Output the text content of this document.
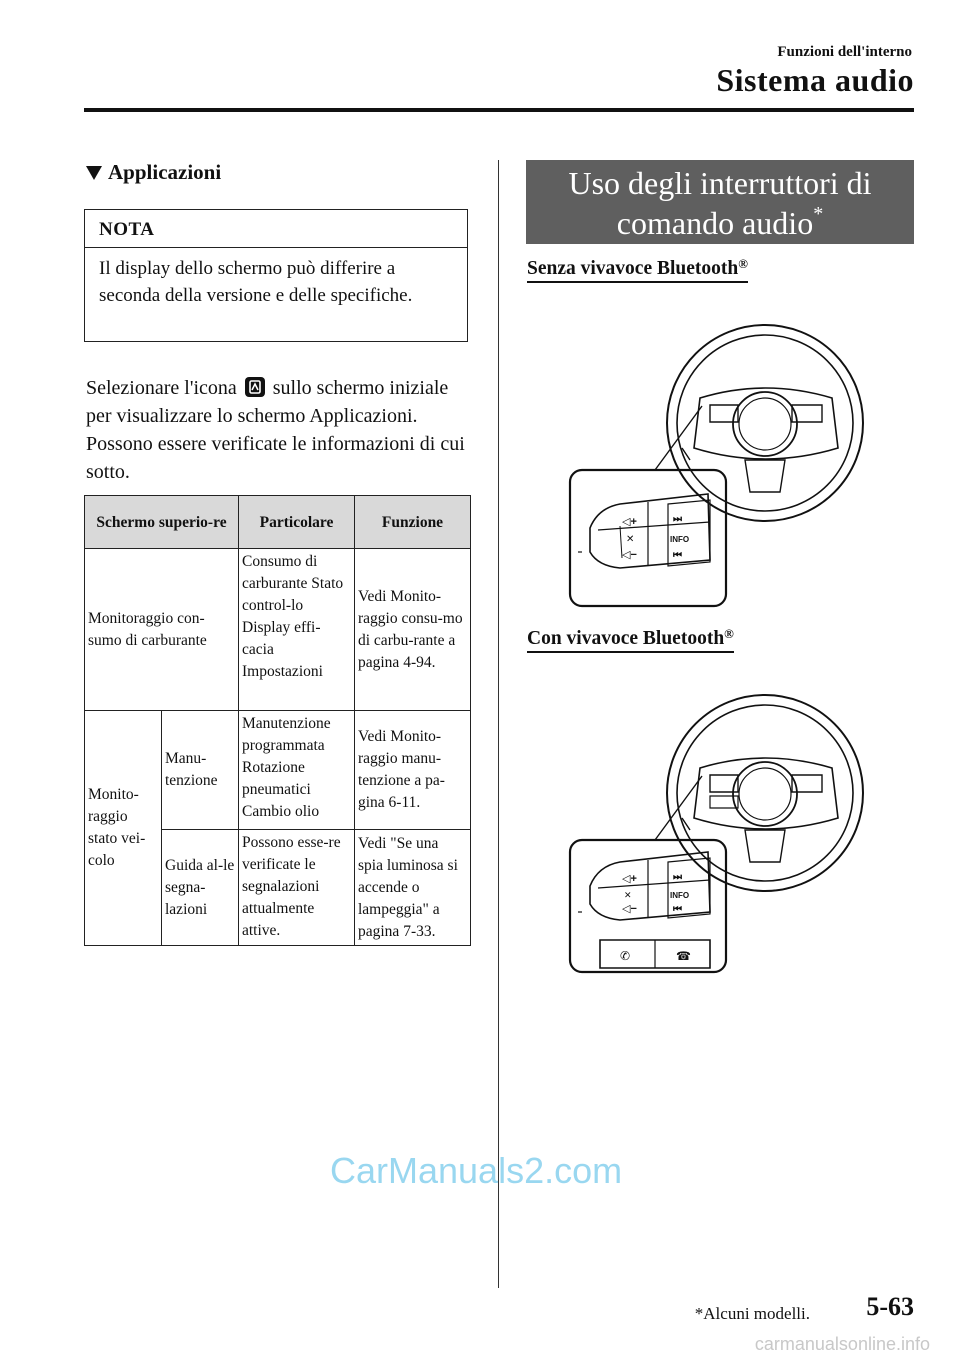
Funzioni dell'interno
Sistema audio
Applicazioni
NOTA
Il display dello schermo può differire a seconda della versione e delle specifiche.
Selezionare l'icona sullo schermo iniziale per visualizzare lo schermo Applicazioni. Possono essere verificate le informazioni di cui sotto.
Schermo superio-re		Particolare	Funzione
Monitoraggio con-sumo di carburante		Consumo di carburante Stato control-lo Display effi-cacia Impostazioni	Vedi Monito-raggio consu-mo di carbu-rante a pagina 4-94.
Monito-raggio stato vei-colo	Manu-tenzione	Manutenzione programmata Rotazione pneumatici Cambio olio	Vedi Monito-raggio manu-tenzione a pa-gina 6-11.
	Guida al-le segna-lazioni	Possono esse-re verificate le segnalazioni attualmente attive.	Vedi "Se una spia luminosa si accende o lampeggia" a pagina 7-33.
Uso degli interruttori di
comando audio*
Senza vivavoce Bluetooth®
◁+
◁−
✕
⏭
INFO
⏮
Con vivavoce Bluetooth®
◁+
◁−
✕
⏭
INFO
⏮
✆	☎
CarManuals2.com
*Alcuni modelli. 5-63
carmanualsonline.info
